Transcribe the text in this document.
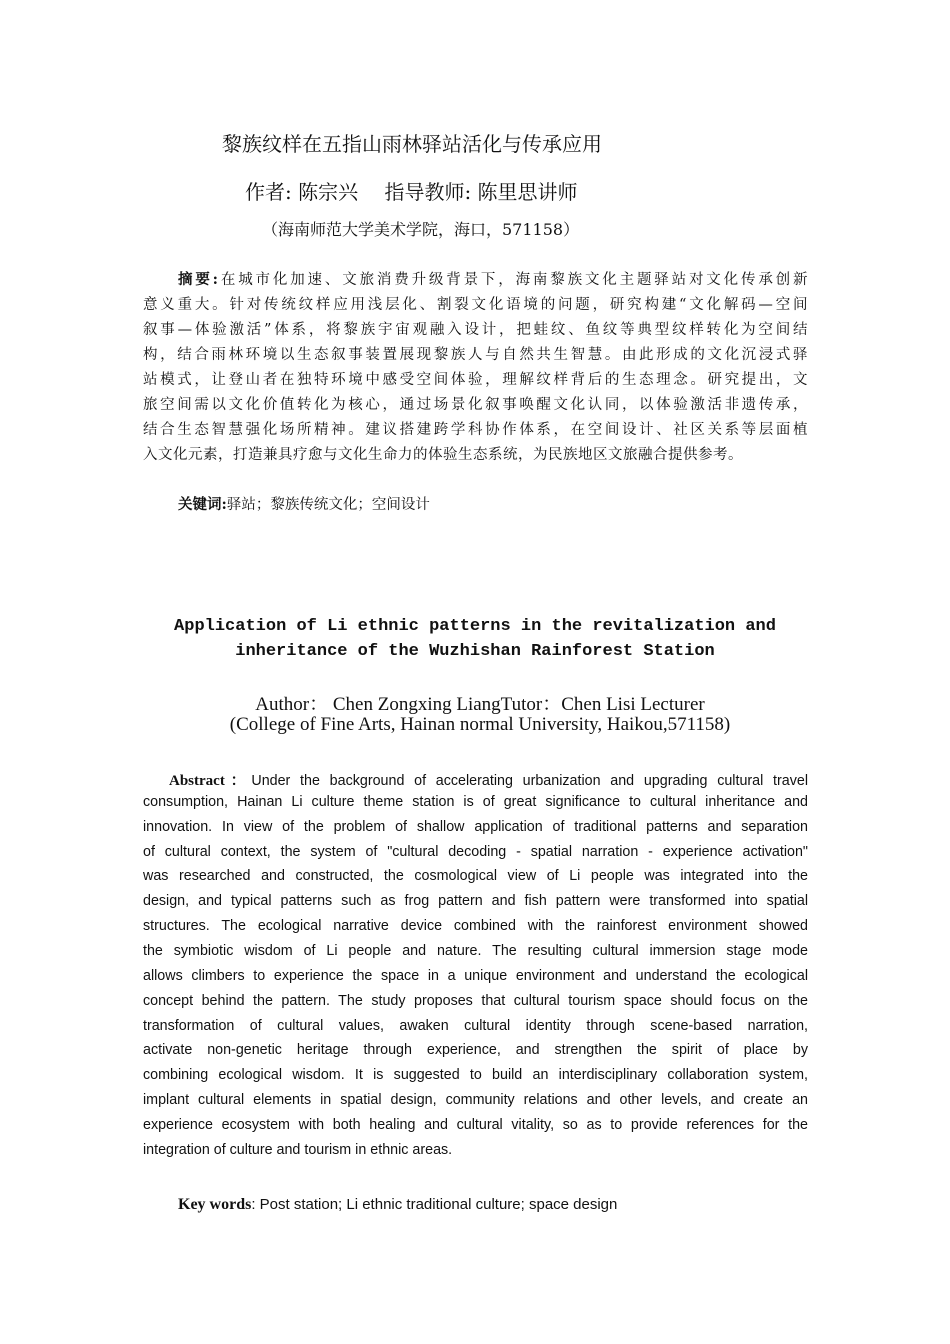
黎族纹样在五指山雨林驿站活化与传承应用
作者: 陈宗兴　 指导教师: 陈里思讲师
（海南师范大学美术学院，海口，571158）
摘要:在城市化加速、文旅消费升级背景下，海南黎族文化主题驿站对文化传承创新
意义重大。针对传统纹样应用浅层化、割裂文化语境的问题，研究构建“文化解码—空间
叙事—体验激活”体系，将黎族宇宙观融入设计，把蛙纹、鱼纹等典型纹样转化为空间结
构，结合雨林环境以生态叙事装置展现黎族人与自然共生智慧。由此形成的文化沉浸式驿
站模式，让登山者在独特环境中感受空间体验，理解纹样背后的生态理念。研究提出，文
旅空间需以文化价值转化为核心，通过场景化叙事唤醒文化认同，以体验激活非遗传承，
结合生态智慧强化场所精神。建议搭建跨学科协作体系，在空间设计、社区关系等层面植
入文化元素，打造兼具疗愈与文化生命力的体验生态系统，为民族地区文旅融合提供参考。
关键词:驿站；黎族传统文化；空间设计
Application of Li ethnic patterns in the revitalization and
inheritance of the Wuzhishan Rainforest Station
Author： Chen Zongxing LiangTutor：Chen Lisi Lecturer
(College of Fine Arts, Hainan normal University, Haikou,571158)
Abstract：Under the background of accelerating urbanization and upgrading cultural travel
consumption, Hainan Li culture theme station is of great significance to cultural inheritance and
innovation. In view of the problem of shallow application of traditional patterns and separation
of cultural context, the system of "cultural decoding - spatial narration - experience activation"
was researched and constructed, the cosmological view of Li people was integrated into the
design, and typical patterns such as frog pattern and fish pattern were transformed into spatial
structures. The ecological narrative device combined with the rainforest environment showed
the symbiotic wisdom of Li people and nature. The resulting cultural immersion stage mode
allows climbers to experience the space in a unique environment and understand the ecological
concept behind the pattern. The study proposes that cultural tourism space should focus on the
transformation of cultural values, awaken cultural identity through scene-based narration,
activate non-genetic heritage through experience, and strengthen the spirit of place by
combining ecological wisdom. It is suggested to build an interdisciplinary collaboration system,
implant cultural elements in spatial design, community relations and other levels, and create an
experience ecosystem with both healing and cultural vitality, so as to provide references for the
integration of culture and tourism in ethnic areas.
Key words: Post station; Li ethnic traditional culture; space design
